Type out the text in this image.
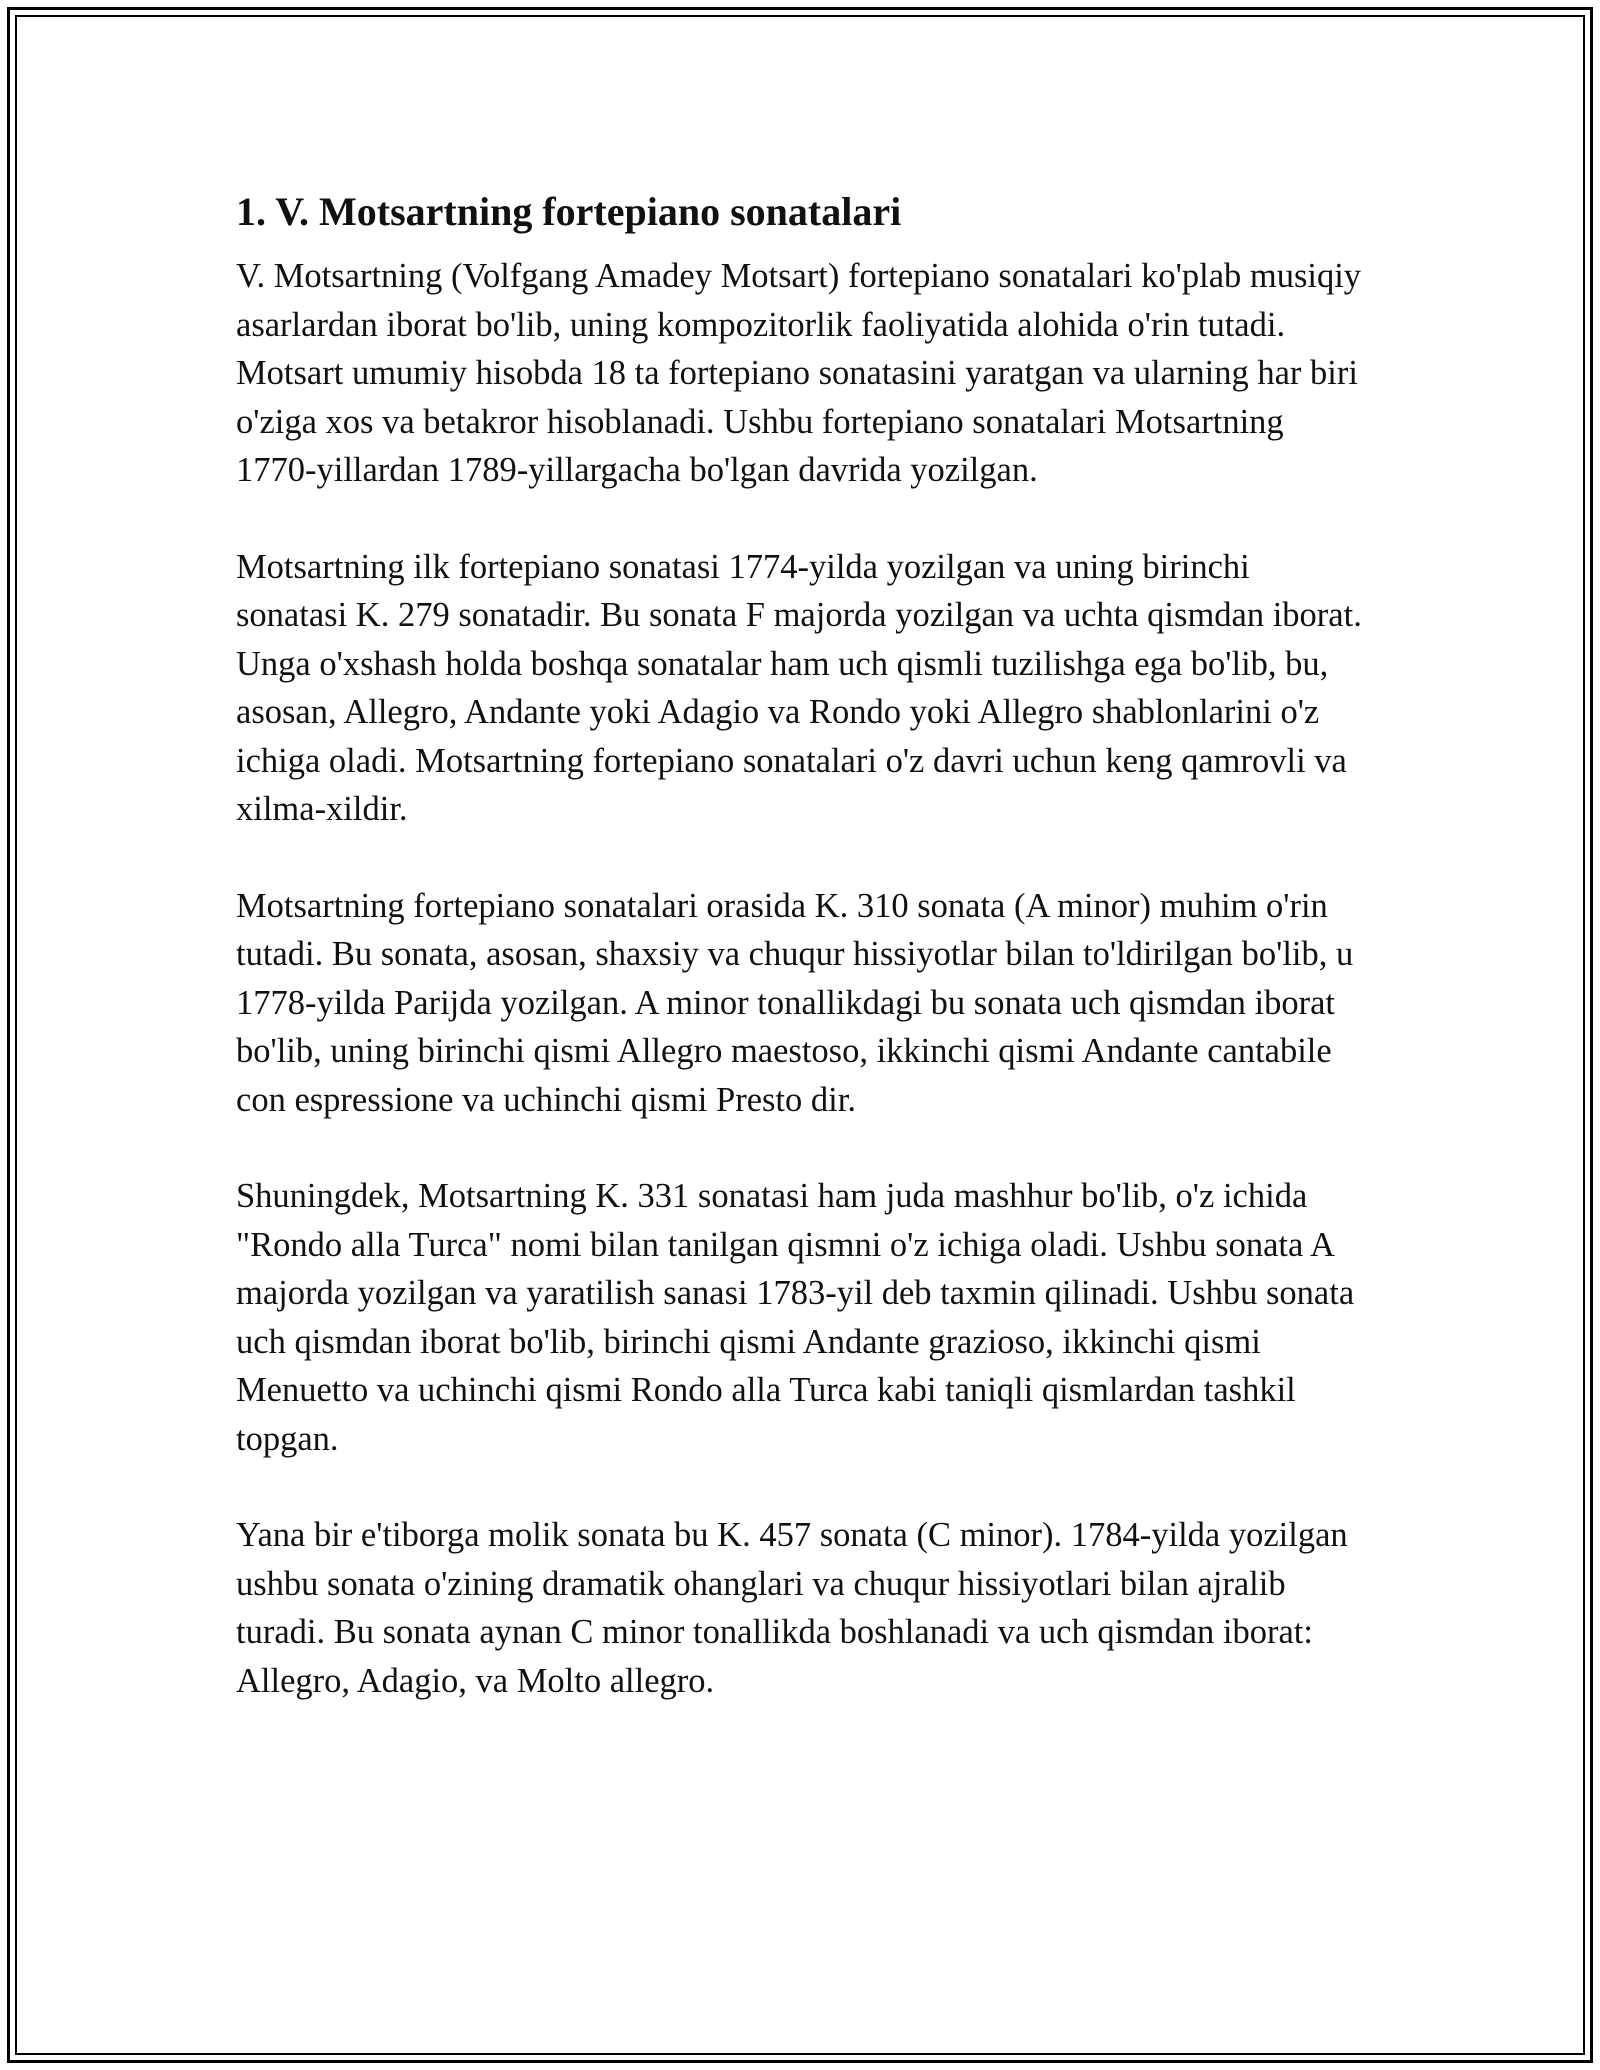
1. V. Motsartning fortepiano sonatalari

V. Motsartning (Volfgang Amadey Motsart) fortepiano sonatalari ko'plab musiqiy asarlardan iborat bo'lib, uning kompozitorlik faoliyatida alohida o'rin tutadi. Motsart umumiy hisobda 18 ta fortepiano sonatasini yaratgan va ularning har biri o'ziga xos va betakror hisoblanadi. Ushbu fortepiano sonatalari Motsartning 1770-yillardan 1789-yillargacha bo'lgan davrida yozilgan.

Motsartning ilk fortepiano sonatasi 1774-yilda yozilgan va uning birinchi sonatasi K. 279 sonatadir. Bu sonata F majorda yozilgan va uchta qismdan iborat. Unga o'xshash holda boshqa sonatalar ham uch qismli tuzilishga ega bo'lib, bu, asosan, Allegro, Andante yoki Adagio va Rondo yoki Allegro shablonlarini o'z ichiga oladi. Motsartning fortepiano sonatalari o'z davri uchun keng qamrovli va xilma-xildir.

Motsartning fortepiano sonatalari orasida K. 310 sonata (A minor) muhim o'rin tutadi. Bu sonata, asosan, shaxsiy va chuqur hissiyotlar bilan to'ldirilgan bo'lib, u 1778-yilda Parijda yozilgan. A minor tonallikdagi bu sonata uch qismdan iborat bo'lib, uning birinchi qismi Allegro maestoso, ikkinchi qismi Andante cantabile con espressione va uchinchi qismi Presto dir.

Shuningdek, Motsartning K. 331 sonatasi ham juda mashhur bo'lib, o'z ichida "Rondo alla Turca" nomi bilan tanilgan qismni o'z ichiga oladi. Ushbu sonata A majorda yozilgan va yaratilish sanasi 1783-yil deb taxmin qilinadi. Ushbu sonata uch qismdan iborat bo'lib, birinchi qismi Andante grazioso, ikkinchi qismi Menuetto va uchinchi qismi Rondo alla Turca kabi taniqli qismlardan tashkil topgan.

Yana bir e'tiborga molik sonata bu K. 457 sonata (C minor). 1784-yilda yozilgan ushbu sonata o'zining dramatik ohanglari va chuqur hissiyotlari bilan ajralib turadi. Bu sonata aynan C minor tonallikda boshlanadi va uch qismdan iborat: Allegro, Adagio, va Molto allegro.
